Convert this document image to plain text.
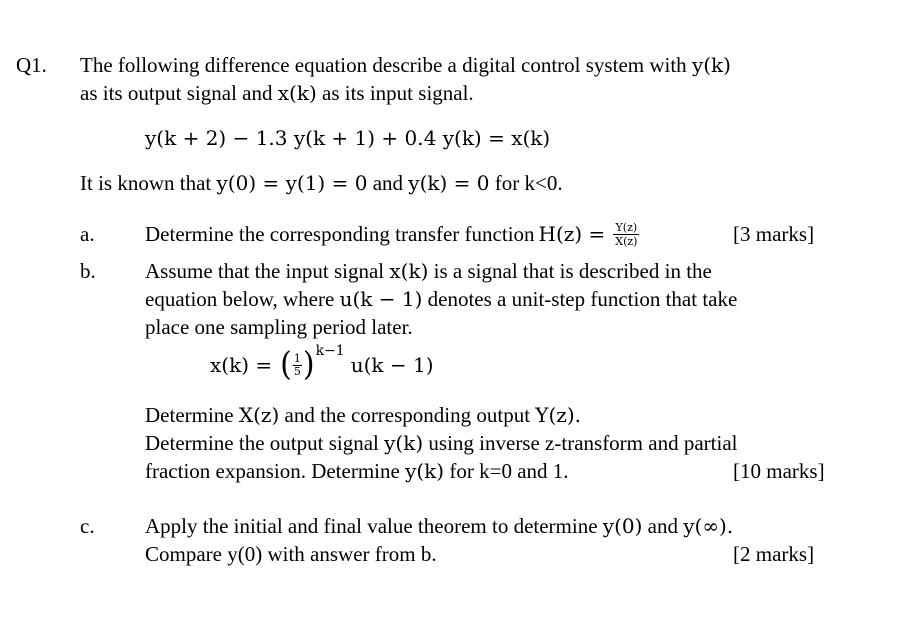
Q1. The following difference equation describe a digital control system with y(k)
as its output signal and x(k) as its input signal.
y(k + 2) − 1.3 y(k + 1) + 0.4 y(k) = x(k)
It is known that y(0) = y(1) = 0 and y(k) = 0 for k<0.
a. Determine the corresponding transfer function $H(z) = \frac{Y(z)}{X(z)}$	[3 marks]
b. Assume that the input signal x(k) is a signal that is described in the
equation below, where u(k − 1) denotes a unit-step function that take
place one sampling period later.
x(k) = ( $\frac{1}{5}$ ) k−1
u(k − 1)
Determine X(z) and the corresponding output Y(z).
Determine the output signal y(k) using inverse z-transform and partial
fraction expansion. Determine y(k) for k=0 and 1.	[10 marks]
c. Apply the initial and final value theorem to determine y(0) and y(∞).
Compare y(0) with answer from b.	[2 marks]
